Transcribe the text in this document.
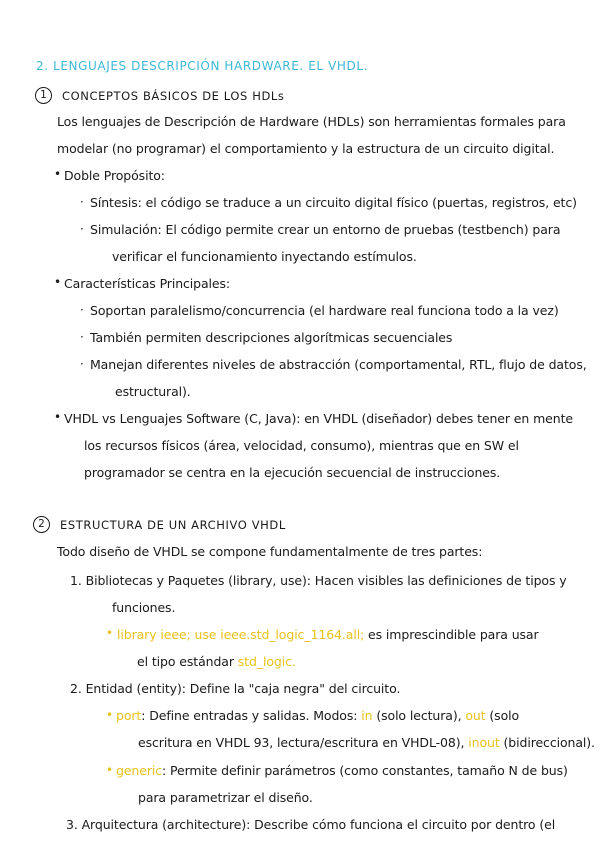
2. LENGUAJES DESCRIPCIÓN HARDWARE. EL VHDL.
1	CONCEPTOS BÁSICOS DE LOS HDLs
Los lenguajes de Descripción de Hardware (HDLs) son herramientas formales para
modelar (no programar) el comportamiento y la estructura de un circuito digital.
• Doble Propósito:
· Síntesis: el código se traduce a un circuito digital físico (puertas, registros, etc)
· Simulación: El código permite crear un entorno de pruebas (testbench) para
verificar el funcionamiento inyectando estímulos.
• Características Principales:
· Soportan paralelismo/concurrencia (el hardware real funciona todo a la vez)
· También permiten descripciones algorítmicas secuenciales
· Manejan diferentes niveles de abstracción (comportamental, RTL, flujo de datos,
estructural).
• VHDL vs Lenguajes Software (C, Java): en VHDL (diseñador) debes tener en mente
los recursos físicos (área, velocidad, consumo), mientras que en SW el
programador se centra en la ejecución secuencial de instrucciones.
2	ESTRUCTURA DE UN ARCHIVO VHDL
Todo diseño de VHDL se compone fundamentalmente de tres partes:
1. Bibliotecas y Paquetes (library, use): Hacen visibles las definiciones de tipos y
funciones.
• library ieee; use ieee.std_logic_1164.all; es imprescindible para usar
el tipo estándar std_logic.
2. Entidad (entity): Define la "caja negra" del circuito.
• port: Define entradas y salidas. Modos: in (solo lectura), out (solo
escritura en VHDL 93, lectura/escritura en VHDL-08), inout (bidireccional).
• generic: Permite definir parámetros (como constantes, tamaño N de bus)
para parametrizar el diseño.
3. Arquitectura (architecture): Describe cómo funciona el circuito por dentro (el
